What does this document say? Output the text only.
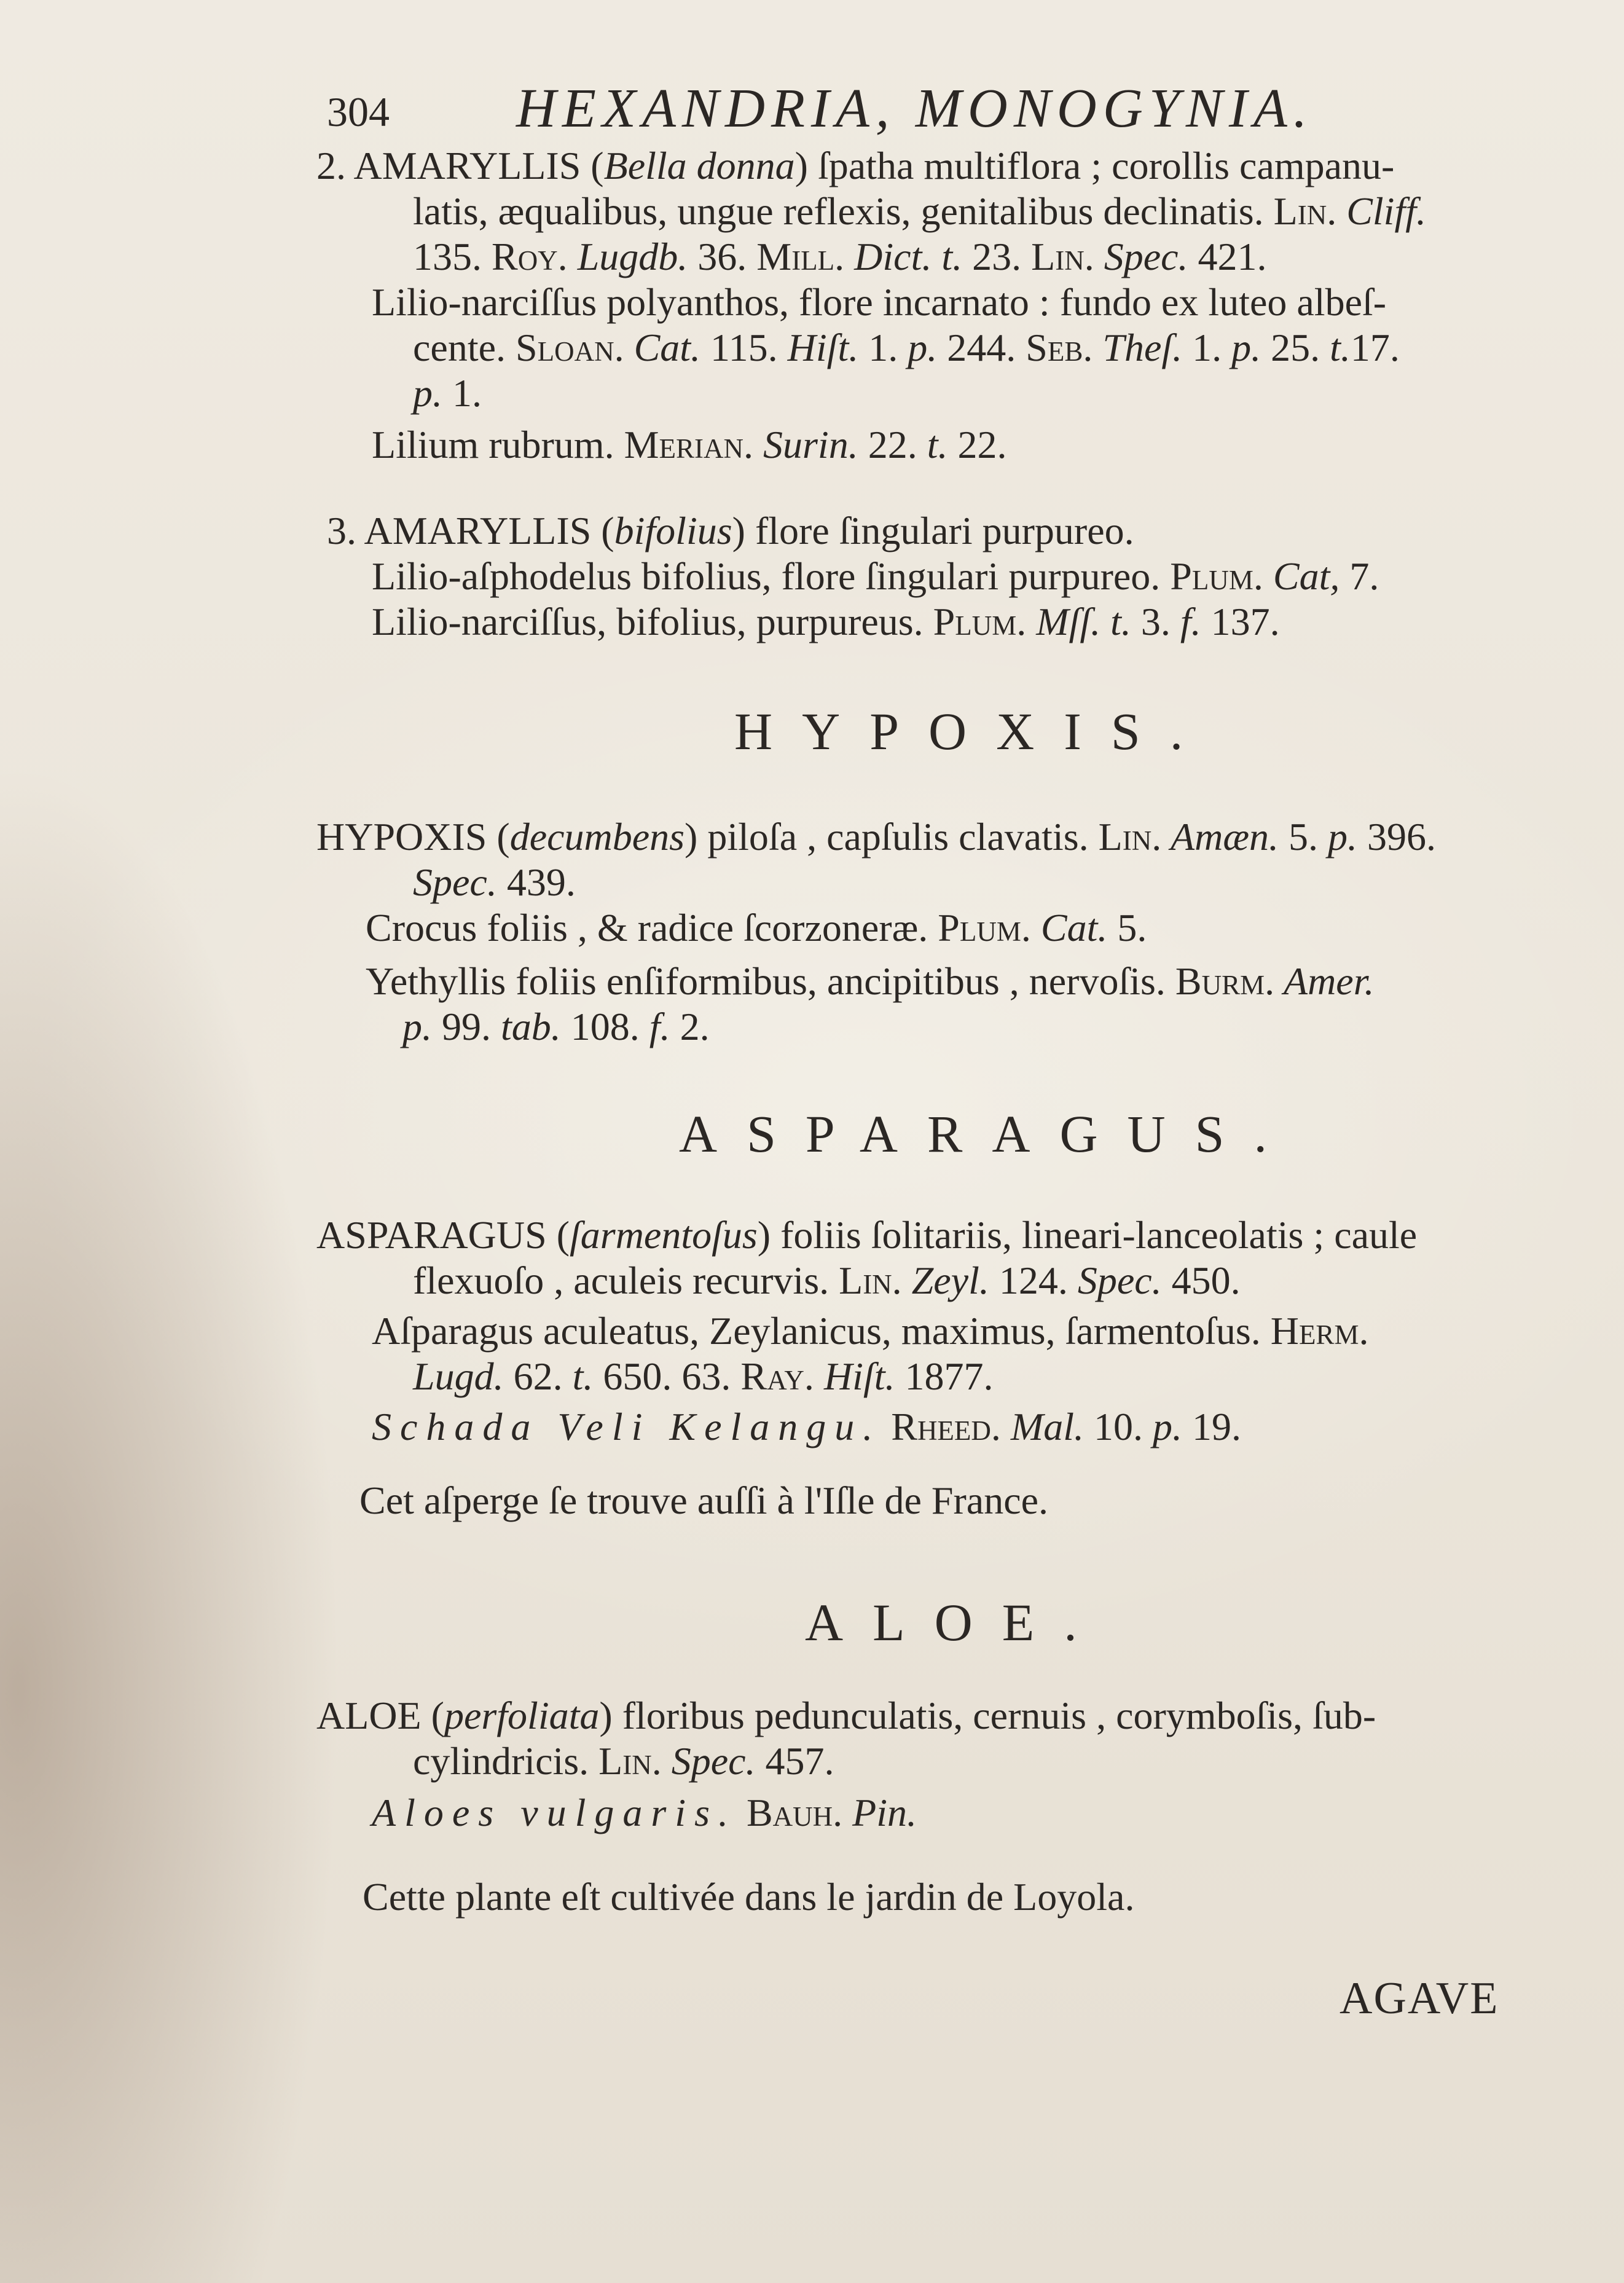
304 HEXANDRIA, MONOGYNIA.
2. AMARYLLIS (Bella donna) ſpatha multiflora ; corollis campanu-
latis, æqualibus, ungue reflexis, genitalibus declinatis. Lin. Cliff.
135. Roy. Lugdb. 36. Mill. Dict. t. 23. Lin. Spec. 421.
Lilio-narciſſus polyanthos, flore incarnato : fundo ex luteo albeſ-
cente. Sloan. Cat. 115. Hiſt. 1. p. 244. Seb. Theſ. 1. p. 25. t.17.
p. 1.
Lilium rubrum. Merian. Surin. 22. t. 22.
3. AMARYLLIS (bifolius) flore ſingulari purpureo.
Lilio-aſphodelus bifolius, flore ſingulari purpureo. Plum. Cat, 7.
Lilio-narciſſus, bifolius, purpureus. Plum. Mſſ. t. 3. f. 137.
HYPOXIS.
HYPOXIS (decumbens) piloſa , capſulis clavatis. Lin. Amæn. 5. p. 396.
Spec. 439.
Crocus foliis , & radice ſcorzoneræ. Plum. Cat. 5.
Yethyllis foliis enſiformibus, ancipitibus , nervoſis. Burm. Amer.
p. 99. tab. 108. f. 2.
ASPARAGUS.
ASPARAGUS (ſarmentoſus) foliis ſolitariis, lineari-lanceolatis ; caule
flexuoſo , aculeis recurvis. Lin. Zeyl. 124. Spec. 450.
Aſparagus aculeatus, Zeylanicus, maximus, ſarmentoſus. Herm.
Lugd. 62. t. 650. 63. Ray. Hiſt. 1877.
Schada Veli Kelangu. Rheed. Mal. 10. p. 19.
Cet aſperge ſe trouve auſſi à l'Iſle de France.
ALOE.
ALOE (perfoliata) floribus pedunculatis, cernuis , corymboſis, ſub-
cylindricis. Lin. Spec. 457.
Aloes vulgaris. Bauh. Pin.
Cette plante eſt cultivée dans le jardin de Loyola.
AGAVE
